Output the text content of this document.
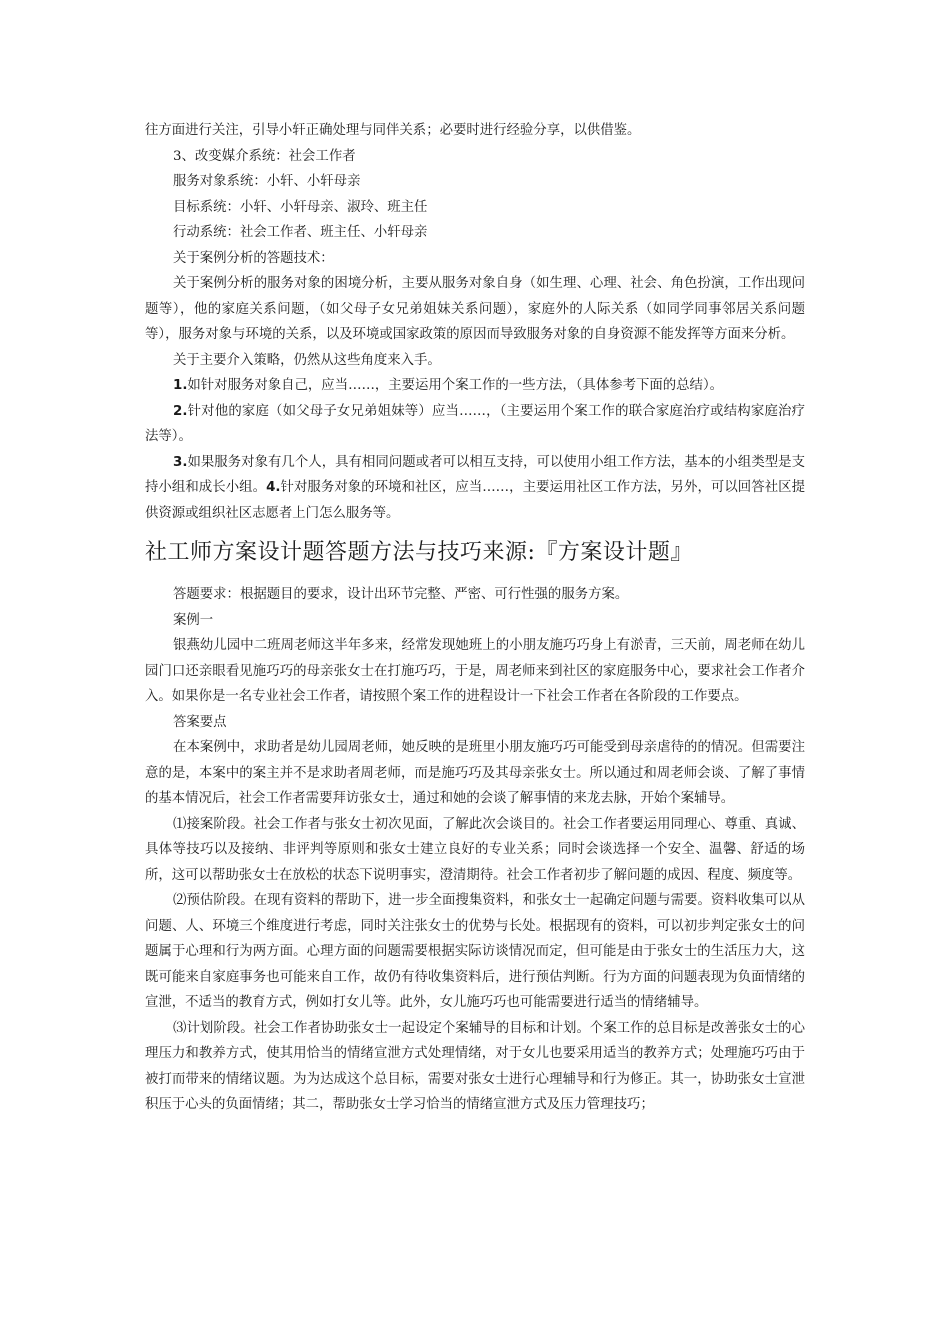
往方面进行关注，引导小轩正确处理与同伴关系；必要时进行经验分享，以供借鉴。

3、改变媒介系统：社会工作者

服务对象系统：小轩、小轩母亲

目标系统：小轩、小轩母亲、淑玲、班主任

行动系统：社会工作者、班主任、小轩母亲

关于案例分析的答题技术：

关于案例分析的服务对象的困境分析，主要从服务对象自身（如生理、心理、社会、角色扮演，工作出现问题等），他的家庭关系问题，（如父母子女兄弟姐妹关系问题），家庭外的人际关系（如同学同事邻居关系问题等），服务对象与环境的关系，以及环境或国家政策的原因而导致服务对象的自身资源不能发挥等方面来分析。

关于主要介入策略，仍然从这些角度来入手。

1.如针对服务对象自己，应当……，主要运用个案工作的一些方法，（具体参考下面的总结）。

2.针对他的家庭（如父母子女兄弟姐妹等）应当……，（主要运用个案工作的联合家庭治疗或结构家庭治疗法等）。

3.如果服务对象有几个人，具有相同问题或者可以相互支持，可以使用小组工作方法，基本的小组类型是支持小组和成长小组。4.针对服务对象的环境和社区，应当……，主要运用社区工作方法，另外，可以回答社区提供资源或组织社区志愿者上门怎么服务等。

社工师方案设计题答题方法与技巧来源:『方案设计题』

答题要求：根据题目的要求，设计出环节完整、严密、可行性强的服务方案。

案例一

银燕幼儿园中二班周老师这半年多来，经常发现她班上的小朋友施巧巧身上有淤青，三天前，周老师在幼儿园门口还亲眼看见施巧巧的母亲张女士在打施巧巧，于是，周老师来到社区的家庭服务中心，要求社会工作者介入。如果你是一名专业社会工作者，请按照个案工作的进程设计一下社会工作者在各阶段的工作要点。

答案要点

在本案例中，求助者是幼儿园周老师，她反映的是班里小朋友施巧巧可能受到母亲虐待的的情况。但需要注意的是，本案中的案主并不是求助者周老师，而是施巧巧及其母亲张女士。所以通过和周老师会谈、了解了事情的基本情况后，社会工作者需要拜访张女士，通过和她的会谈了解事情的来龙去脉，开始个案辅导。

⑴接案阶段。社会工作者与张女士初次见面，了解此次会谈目的。社会工作者要运用同理心、尊重、真诚、具体等技巧以及接纳、非评判等原则和张女士建立良好的专业关系；同时会谈选择一个安全、温馨、舒适的场所，这可以帮助张女士在放松的状态下说明事实，澄清期待。社会工作者初步了解问题的成因、程度、频度等。

⑵预估阶段。在现有资料的帮助下，进一步全面搜集资料，和张女士一起确定问题与需要。资料收集可以从问题、人、环境三个维度进行考虑，同时关注张女士的优势与长处。根据现有的资料，可以初步判定张女士的问题属于心理和行为两方面。心理方面的问题需要根据实际访谈情况而定，但可能是由于张女士的生活压力大，这既可能来自家庭事务也可能来自工作，故仍有待收集资料后，进行预估判断。行为方面的问题表现为负面情绪的宣泄，不适当的教育方式，例如打女儿等。此外，女儿施巧巧也可能需要进行适当的情绪辅导。

⑶计划阶段。社会工作者协助张女士一起设定个案辅导的目标和计划。个案工作的总目标是改善张女士的心理压力和教养方式，使其用恰当的情绪宣泄方式处理情绪，对于女儿也要采用适当的教养方式；处理施巧巧由于被打而带来的情绪议题。为为达成这个总目标，需要对张女士进行心理辅导和行为修正。其一，协助张女士宣泄积压于心头的负面情绪；其二，帮助张女士学习恰当的情绪宣泄方式及压力管理技巧；
